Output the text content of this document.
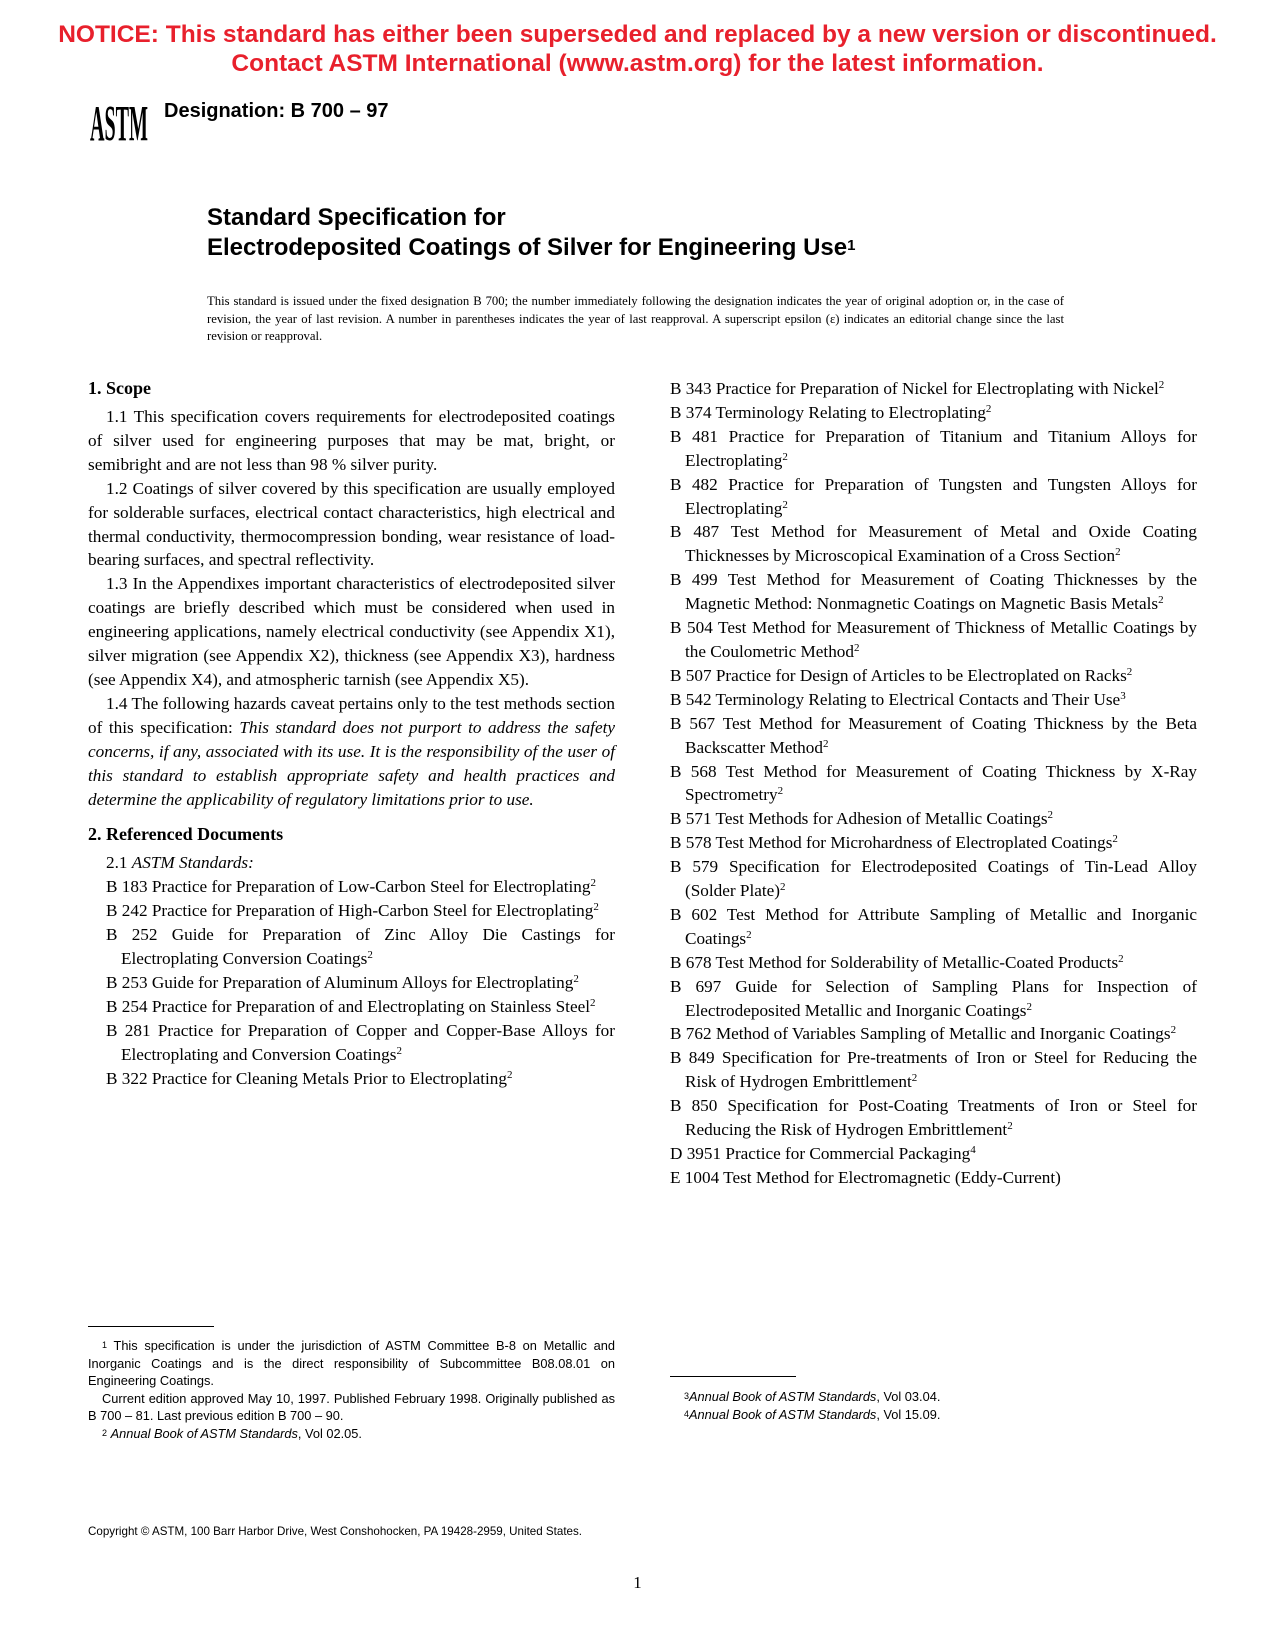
NOTICE: This standard has either been superseded and replaced by a new version or discontinued.
Contact ASTM International (www.astm.org) for the latest information.
ASTM Designation: B 700 – 97
Standard Specification for
Electrodeposited Coatings of Silver for Engineering Use$^1$
This standard is issued under the fixed designation B 700; the number immediately following the designation indicates the year of original adoption or, in the case of revision, the year of last revision. A number in parentheses indicates the year of last reapproval. A superscript epsilon (ε) indicates an editorial change since the last revision or reapproval.
1. Scope

1.1 This specification covers requirements for electrodeposited coatings of silver used for engineering purposes that may be mat, bright, or semibright and are not less than 98 % silver purity.

1.2 Coatings of silver covered by this specification are usually employed for solderable surfaces, electrical contact characteristics, high electrical and thermal conductivity, thermocompression bonding, wear resistance of load-bearing surfaces, and spectral reflectivity.

1.3 In the Appendixes important characteristics of electrodeposited silver coatings are briefly described which must be considered when used in engineering applications, namely electrical conductivity (see Appendix X1), silver migration (see Appendix X2), thickness (see Appendix X3), hardness (see Appendix X4), and atmospheric tarnish (see Appendix X5).

1.4 The following hazards caveat pertains only to the test methods section of this specification: This standard does not purport to address the safety concerns, if any, associated with its use. It is the responsibility of the user of this standard to establish appropriate safety and health practices and determine the applicability of regulatory limitations prior to use.

2. Referenced Documents

2.1 ASTM Standards:

B 183 Practice for Preparation of Low-Carbon Steel for Electroplating$^2$

B 242 Practice for Preparation of High-Carbon Steel for Electroplating$^2$

B 252 Guide for Preparation of Zinc Alloy Die Castings for Electroplating Conversion Coatings$^2$

B 253 Guide for Preparation of Aluminum Alloys for Electroplating$^2$

B 254 Practice for Preparation of and Electroplating on Stainless Steel$^2$

B 281 Practice for Preparation of Copper and Copper-Base Alloys for Electroplating and Conversion Coatings$^2$

B 322 Practice for Cleaning Metals Prior to Electroplating$^2$

B 343 Practice for Preparation of Nickel for Electroplating with Nickel$^2$

B 374 Terminology Relating to Electroplating$^2$

B 481 Practice for Preparation of Titanium and Titanium Alloys for Electroplating$^2$

B 482 Practice for Preparation of Tungsten and Tungsten Alloys for Electroplating$^2$

B 487 Test Method for Measurement of Metal and Oxide Coating Thicknesses by Microscopical Examination of a Cross Section$^2$

B 499 Test Method for Measurement of Coating Thicknesses by the Magnetic Method: Nonmagnetic Coatings on Magnetic Basis Metals$^2$

B 504 Test Method for Measurement of Thickness of Metallic Coatings by the Coulometric Method$^2$

B 507 Practice for Design of Articles to be Electroplated on Racks$^2$

B 542 Terminology Relating to Electrical Contacts and Their Use$^3$

B 567 Test Method for Measurement of Coating Thickness by the Beta Backscatter Method$^2$

B 568 Test Method for Measurement of Coating Thickness by X-Ray Spectrometry$^2$

B 571 Test Methods for Adhesion of Metallic Coatings$^2$

B 578 Test Method for Microhardness of Electroplated Coatings$^2$

B 579 Specification for Electrodeposited Coatings of Tin-Lead Alloy (Solder Plate)$^2$

B 602 Test Method for Attribute Sampling of Metallic and Inorganic Coatings$^2$

B 678 Test Method for Solderability of Metallic-Coated Products$^2$

B 697 Guide for Selection of Sampling Plans for Inspection of Electrodeposited Metallic and Inorganic Coatings$^2$

B 762 Method of Variables Sampling of Metallic and Inorganic Coatings$^2$

B 849 Specification for Pre-treatments of Iron or Steel for Reducing the Risk of Hydrogen Embrittlement$^2$

B 850 Specification for Post-Coating Treatments of Iron or Steel for Reducing the Risk of Hydrogen Embrittlement$^2$

D 3951 Practice for Commercial Packaging$^4$

E 1004 Test Method for Electromagnetic (Eddy-Current)

$^1$ This specification is under the jurisdiction of ASTM Committee B-8 on Metallic and Inorganic Coatings and is the direct responsibility of Subcommittee B08.08.01 on Engineering Coatings.

Current edition approved May 10, 1997. Published February 1998. Originally published as B 700 – 81. Last previous edition B 700 – 90.

$^2$ Annual Book of ASTM Standards, Vol 02.05.

$^3$Annual Book of ASTM Standards, Vol 03.04.

$^4$Annual Book of ASTM Standards, Vol 15.09.

Copyright © ASTM, 100 Barr Harbor Drive, West Conshohocken, PA 19428-2959, United States.
1
